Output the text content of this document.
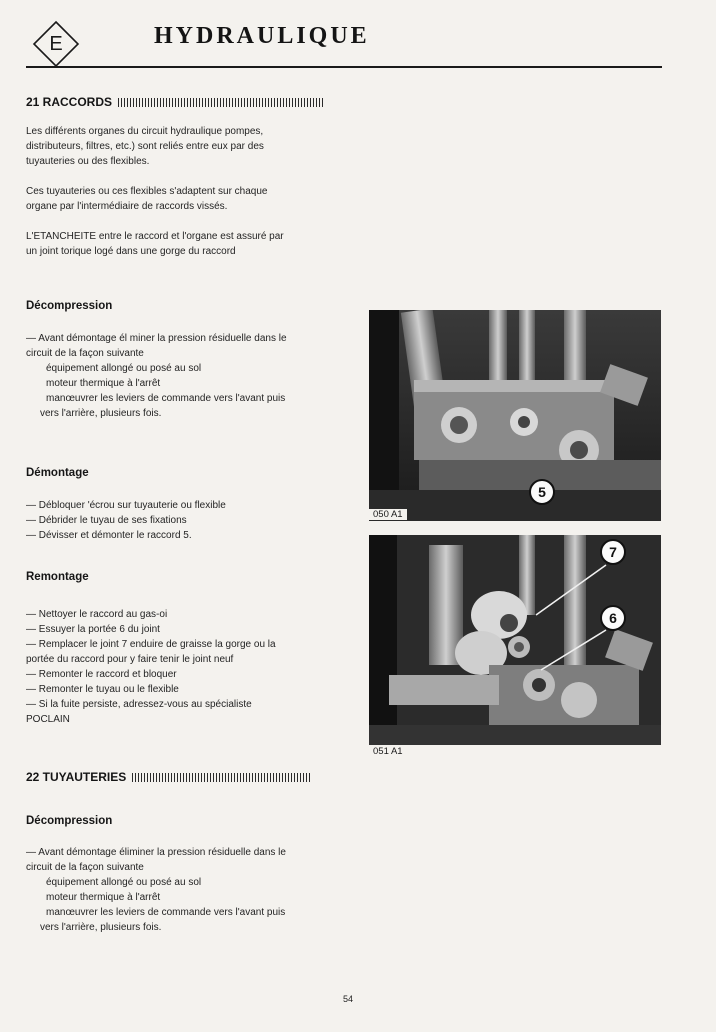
E	HYDRAULIQUE
21 RACCORDS
Les différents organes du circuit hydraulique pompes,
distributeurs, filtres, etc.) sont reliés entre eux par des
tuyauteries ou des flexibles.
Ces tuyauteries ou ces flexibles s'adaptent sur chaque
organe par l'intermédiaire de raccords vissés.
L'ETANCHEITE entre le raccord et l'organe est assuré par
un joint torique logé dans une gorge du raccord
Décompression
— Avant démontage él miner la pression résiduelle dans le
circuit de la façon suivante
équipement allongé ou posé au sol
moteur thermique à l'arrêt
manœuvrer les leviers de commande vers l'avant puis
vers l'arrière, plusieurs fois.
Démontage
— Débloquer 'écrou sur tuyauterie ou flexible
— Débrider le tuyau de ses fixations
— Dévisser et démonter le raccord 5.
Remontage
— Nettoyer le raccord au gas-oi
— Essuyer la portée 6 du joint
— Remplacer le joint 7 enduire de graisse la gorge ou la
portée du raccord pour y faire tenir le joint neuf
— Remonter le raccord et bloquer
— Remonter le tuyau ou le flexible
— Si la fuite persiste, adressez-vous au spécialiste
POCLAIN
22 TUYAUTERIES
Décompression
— Avant démontage éliminer la pression résiduelle dans le
circuit de la façon suivante
équipement allongé ou posé au sol
moteur thermique à l'arrêt
manœuvrer les leviers de commande vers l'avant puis
vers l'arrière, plusieurs fois.
5
050 A1
7
6
051 A1
54
